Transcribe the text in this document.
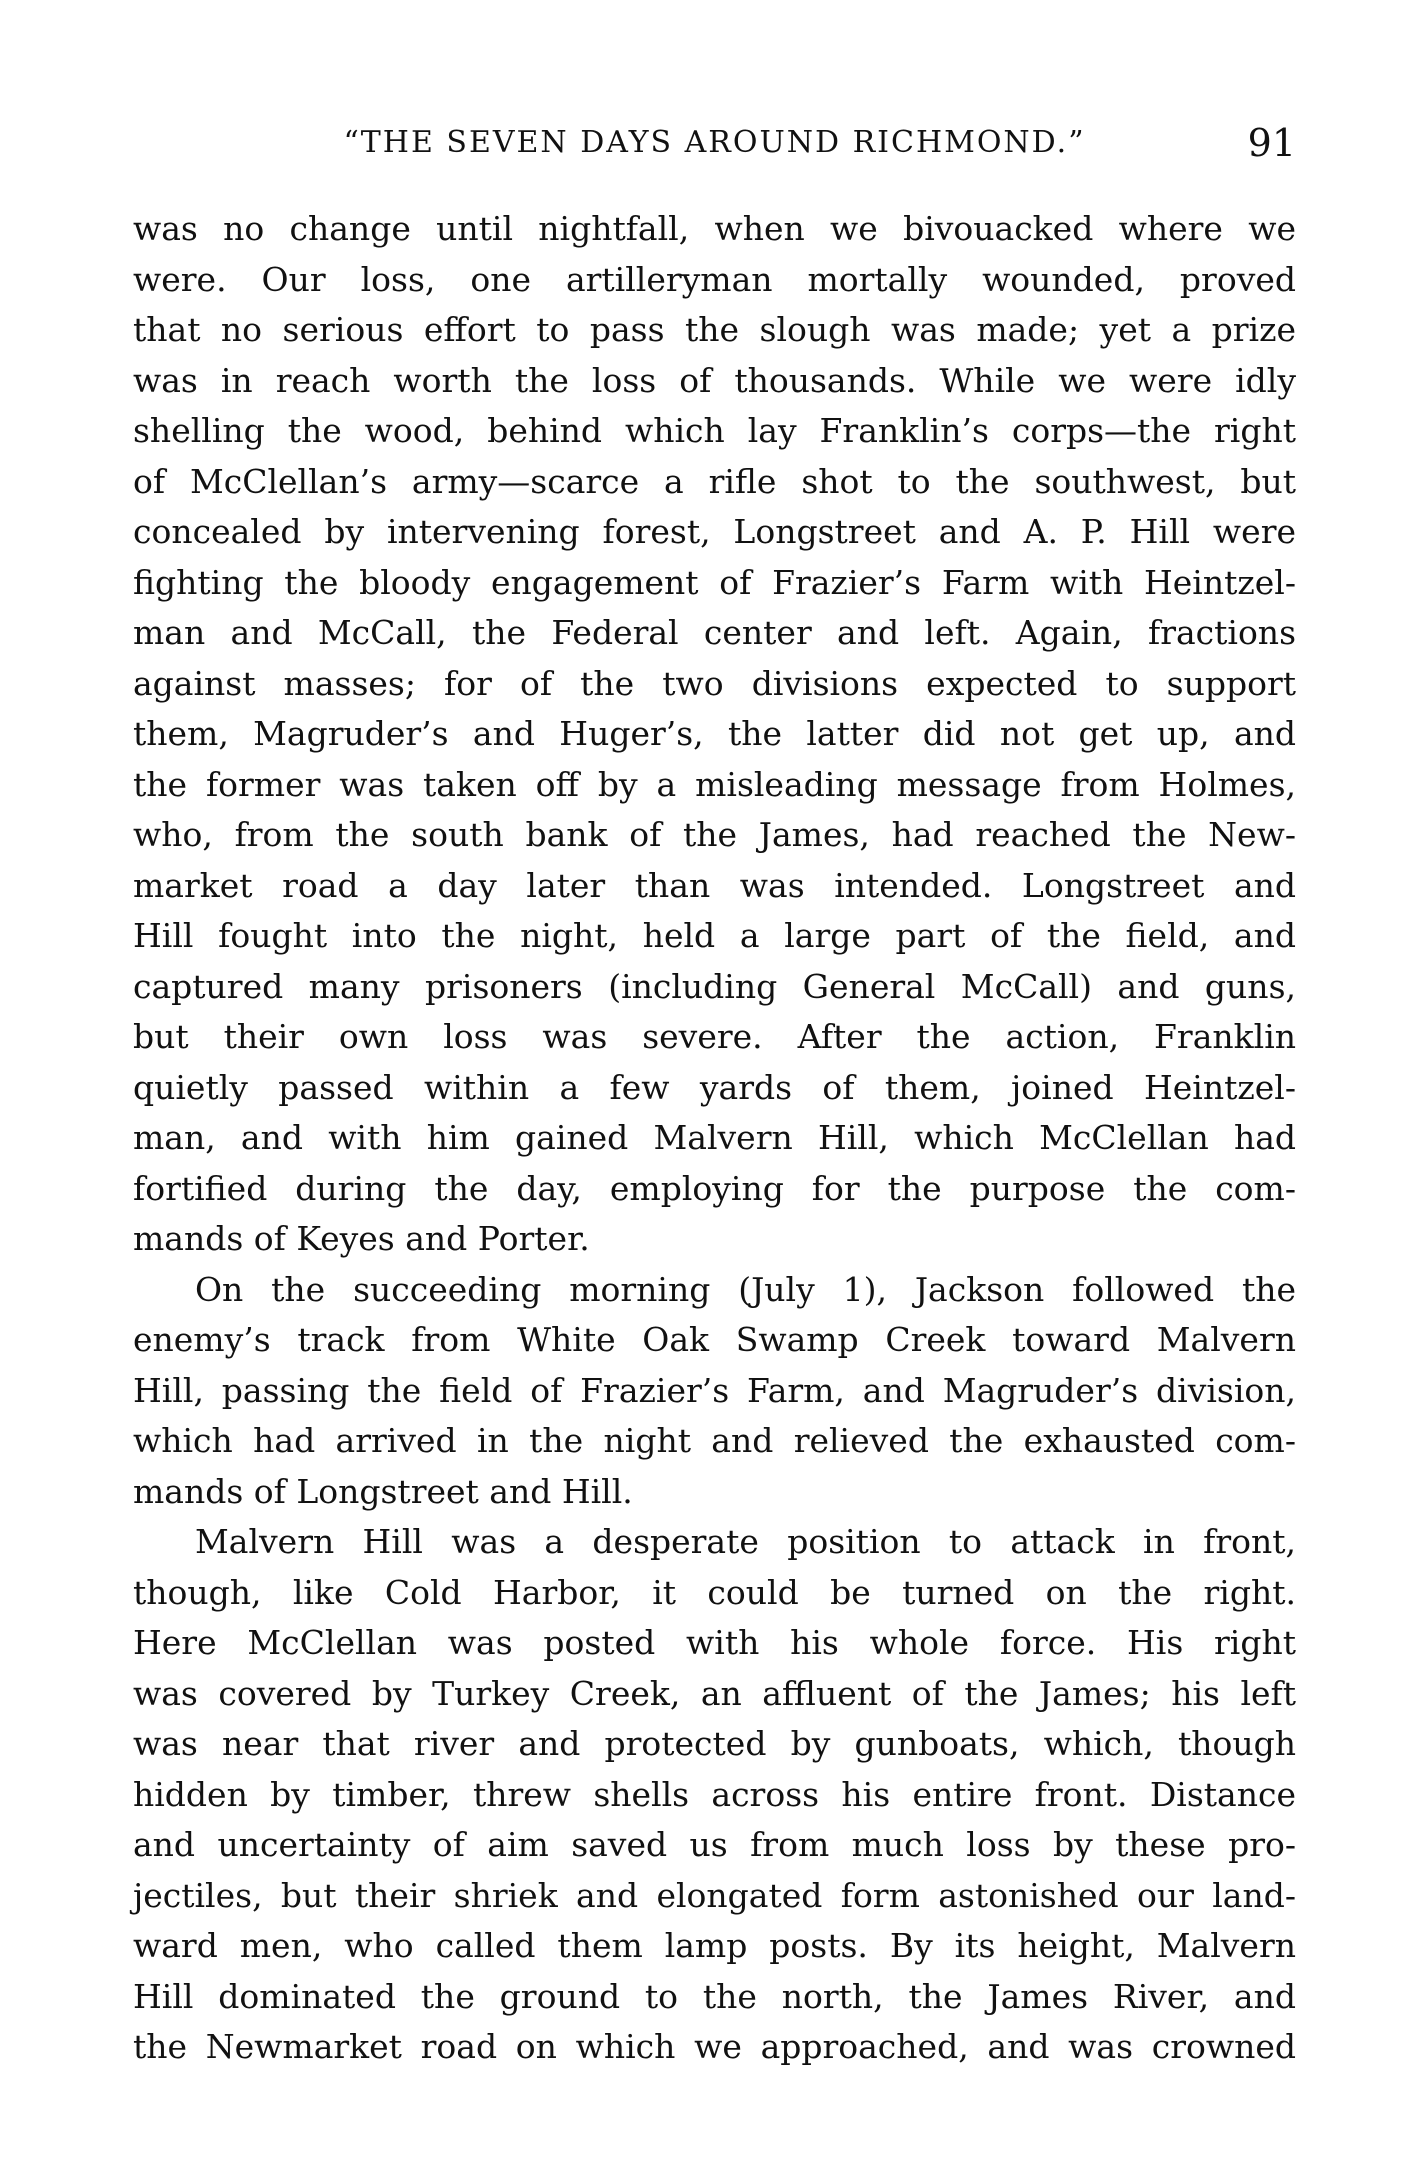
“THE SEVEN DAYS AROUND RICHMOND.”	91
was no change until nightfall, when we bivouacked where we
were. Our loss, one artilleryman mortally wounded, proved
that no serious effort to pass the slough was made; yet a prize
was in reach worth the loss of thousands. While we were idly
shelling the wood, behind which lay Franklin’s corps—the right
of McClellan’s army—scarce a rifle shot to the southwest, but
concealed by intervening forest, Longstreet and A. P. Hill were
fighting the bloody engagement of Frazier’s Farm with Heintzel-
man and McCall, the Federal center and left. Again, fractions
against masses; for of the two divisions expected to support
them, Magruder’s and Huger’s, the latter did not get up, and
the former was taken off by a misleading message from Holmes,
who, from the south bank of the James, had reached the New-
market road a day later than was intended. Longstreet and
Hill fought into the night, held a large part of the field, and
captured many prisoners (including General McCall) and guns,
but their own loss was severe. After the action, Franklin
quietly passed within a few yards of them, joined Heintzel-
man, and with him gained Malvern Hill, which McClellan had
fortified during the day, employing for the purpose the com-
mands of Keyes and Porter.
On the succeeding morning (July 1), Jackson followed the
enemy’s track from White Oak Swamp Creek toward Malvern
Hill, passing the field of Frazier’s Farm, and Magruder’s division,
which had arrived in the night and relieved the exhausted com-
mands of Longstreet and Hill.
Malvern Hill was a desperate position to attack in front,
though, like Cold Harbor, it could be turned on the right.
Here McClellan was posted with his whole force. His right
was covered by Turkey Creek, an affluent of the James; his left
was near that river and protected by gunboats, which, though
hidden by timber, threw shells across his entire front. Distance
and uncertainty of aim saved us from much loss by these pro-
jectiles, but their shriek and elongated form astonished our land-
ward men, who called them lamp posts. By its height, Malvern
Hill dominated the ground to the north, the James River, and
the Newmarket road on which we approached, and was crowned
